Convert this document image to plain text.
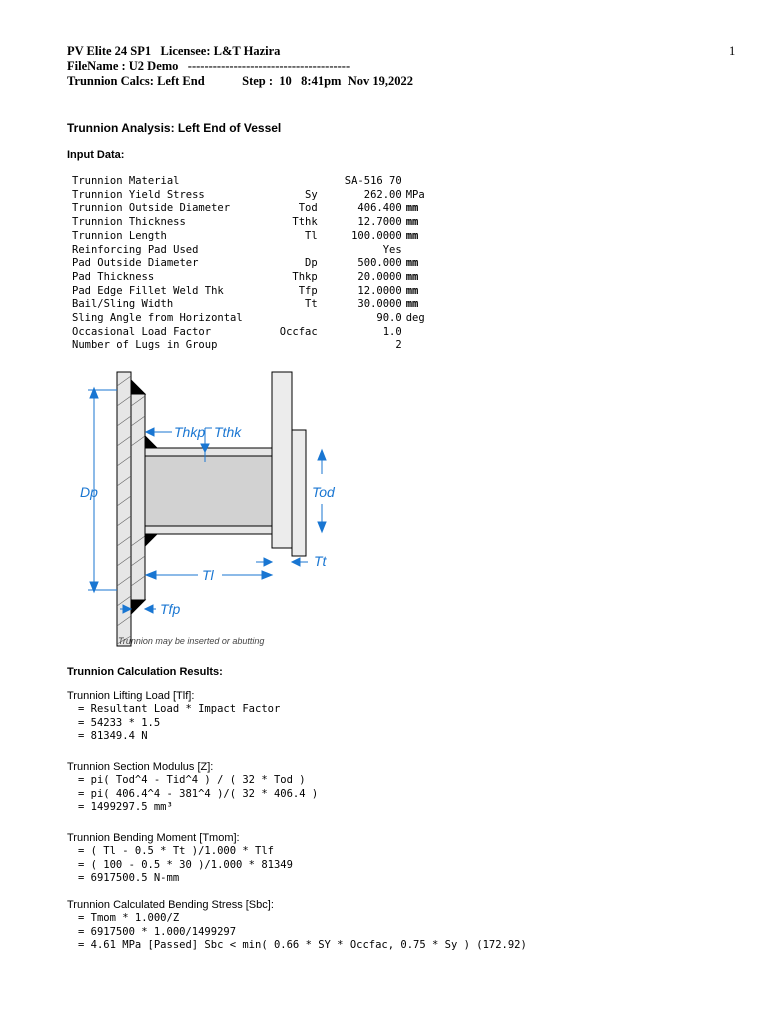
PV Elite 24 SP1   Licensee: L&T Hazira
FileName : U2 Demo   ---------------------------------------
Trunnion Calcs: Left End            Step :  10   8:41pm  Nov 19,2022
1
Trunnion Analysis: Left End of Vessel
Input Data:
Trunnion Material		SA-516 70	
Trunnion Yield Stress	Sy	262.00	MPa
Trunnion Outside Diameter	Tod	406.400	mm
Trunnion Thickness	Tthk	12.7000	mm
Trunnion Length	Tl	100.0000	mm
Reinforcing Pad Used		Yes	
Pad Outside Diameter	Dp	500.000	mm
Pad Thickness	Thkp	20.0000	mm
Pad Edge Fillet Weld Thk	Tfp	12.0000	mm
Bail/Sling Width	Tt	30.0000	mm
Sling Angle from Horizontal		90.0	deg
Occasional Load Factor	Occfac	1.0	
Number of Lugs in Group		2	
Thkp Tthk
Dp	Tod
Tl
Tt
Tfp
Trunnion may be inserted or abutting
Trunnion Calculation Results:
Trunnion Lifting Load [Tlf]:
= Resultant Load * Impact Factor
= 54233 * 1.5
= 81349.4 N
Trunnion Section Modulus [Z]:
= pi( Tod^4 - Tid^4 ) / ( 32 * Tod )
= pi( 406.4^4 - 381^4 )/( 32 * 406.4 )
= 1499297.5 mm³
Trunnion Bending Moment [Tmom]:
= ( Tl - 0.5 * Tt )/1.000 * Tlf
= ( 100 - 0.5 * 30 )/1.000 * 81349
= 6917500.5 N-mm
Trunnion Calculated Bending Stress [Sbc]:
= Tmom * 1.000/Z
= 6917500 * 1.000/1499297
= 4.61 MPa [Passed] Sbc < min( 0.66 * SY * Occfac, 0.75 * Sy ) (172.92)
